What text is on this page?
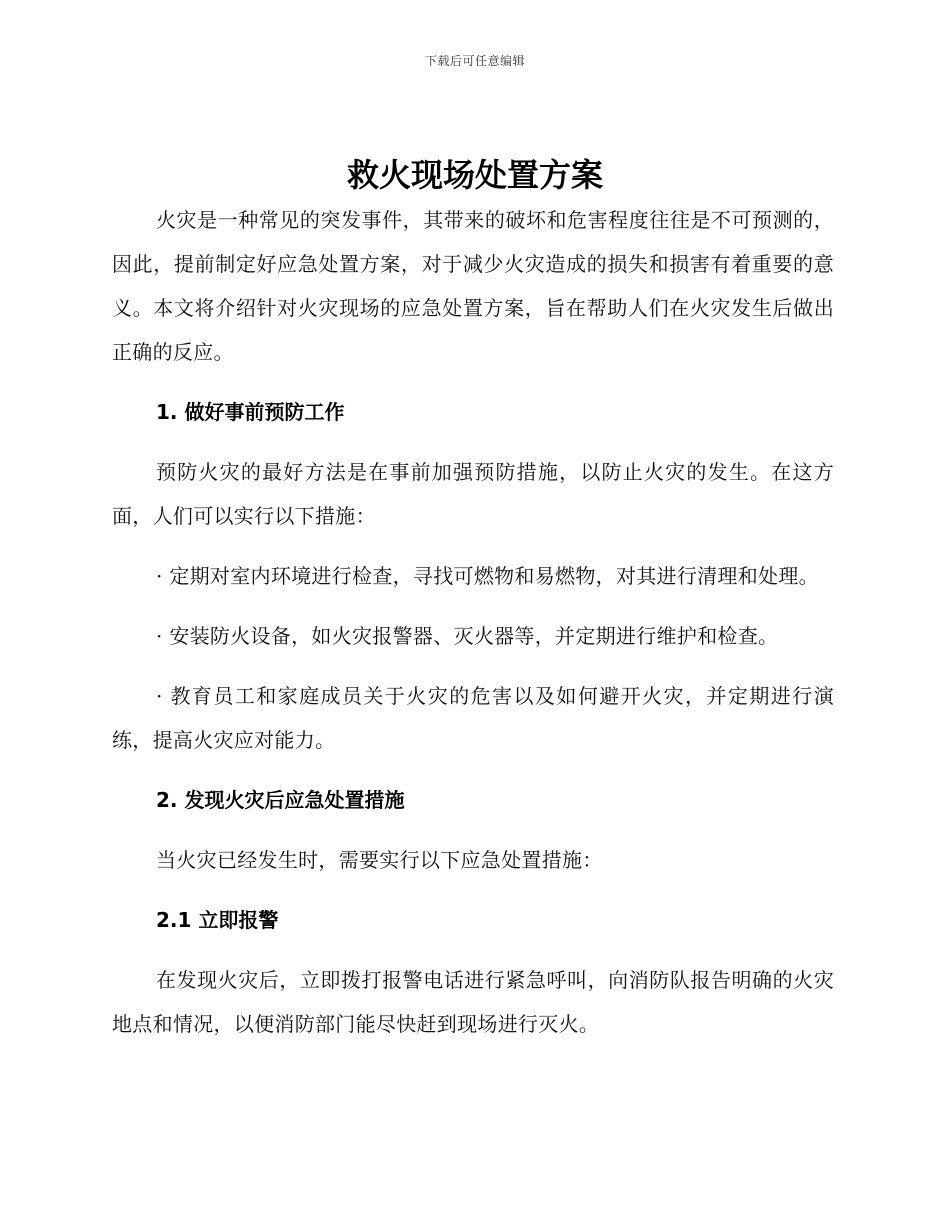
下载后可任意编辑
救火现场处置方案

火灾是一种常见的突发事件，其带来的破坏和危害程度往往是不可预测的，因此，提前制定好应急处置方案，对于减少火灾造成的损失和损害有着重要的意义。本文将介绍针对火灾现场的应急处置方案，旨在帮助人们在火灾发生后做出正确的反应。

1. 做好事前预防工作

预防火灾的最好方法是在事前加强预防措施，以防止火灾的发生。在这方面，人们可以实行以下措施：

· 定期对室内环境进行检查，寻找可燃物和易燃物，对其进行清理和处理。

· 安装防火设备，如火灾报警器、灭火器等，并定期进行维护和检查。

· 教育员工和家庭成员关于火灾的危害以及如何避开火灾，并定期进行演练，提高火灾应对能力。

2. 发现火灾后应急处置措施

当火灾已经发生时，需要实行以下应急处置措施：

2.1 立即报警

在发现火灾后，立即拨打报警电话进行紧急呼叫，向消防队报告明确的火灾地点和情况，以便消防部门能尽快赶到现场进行灭火。
